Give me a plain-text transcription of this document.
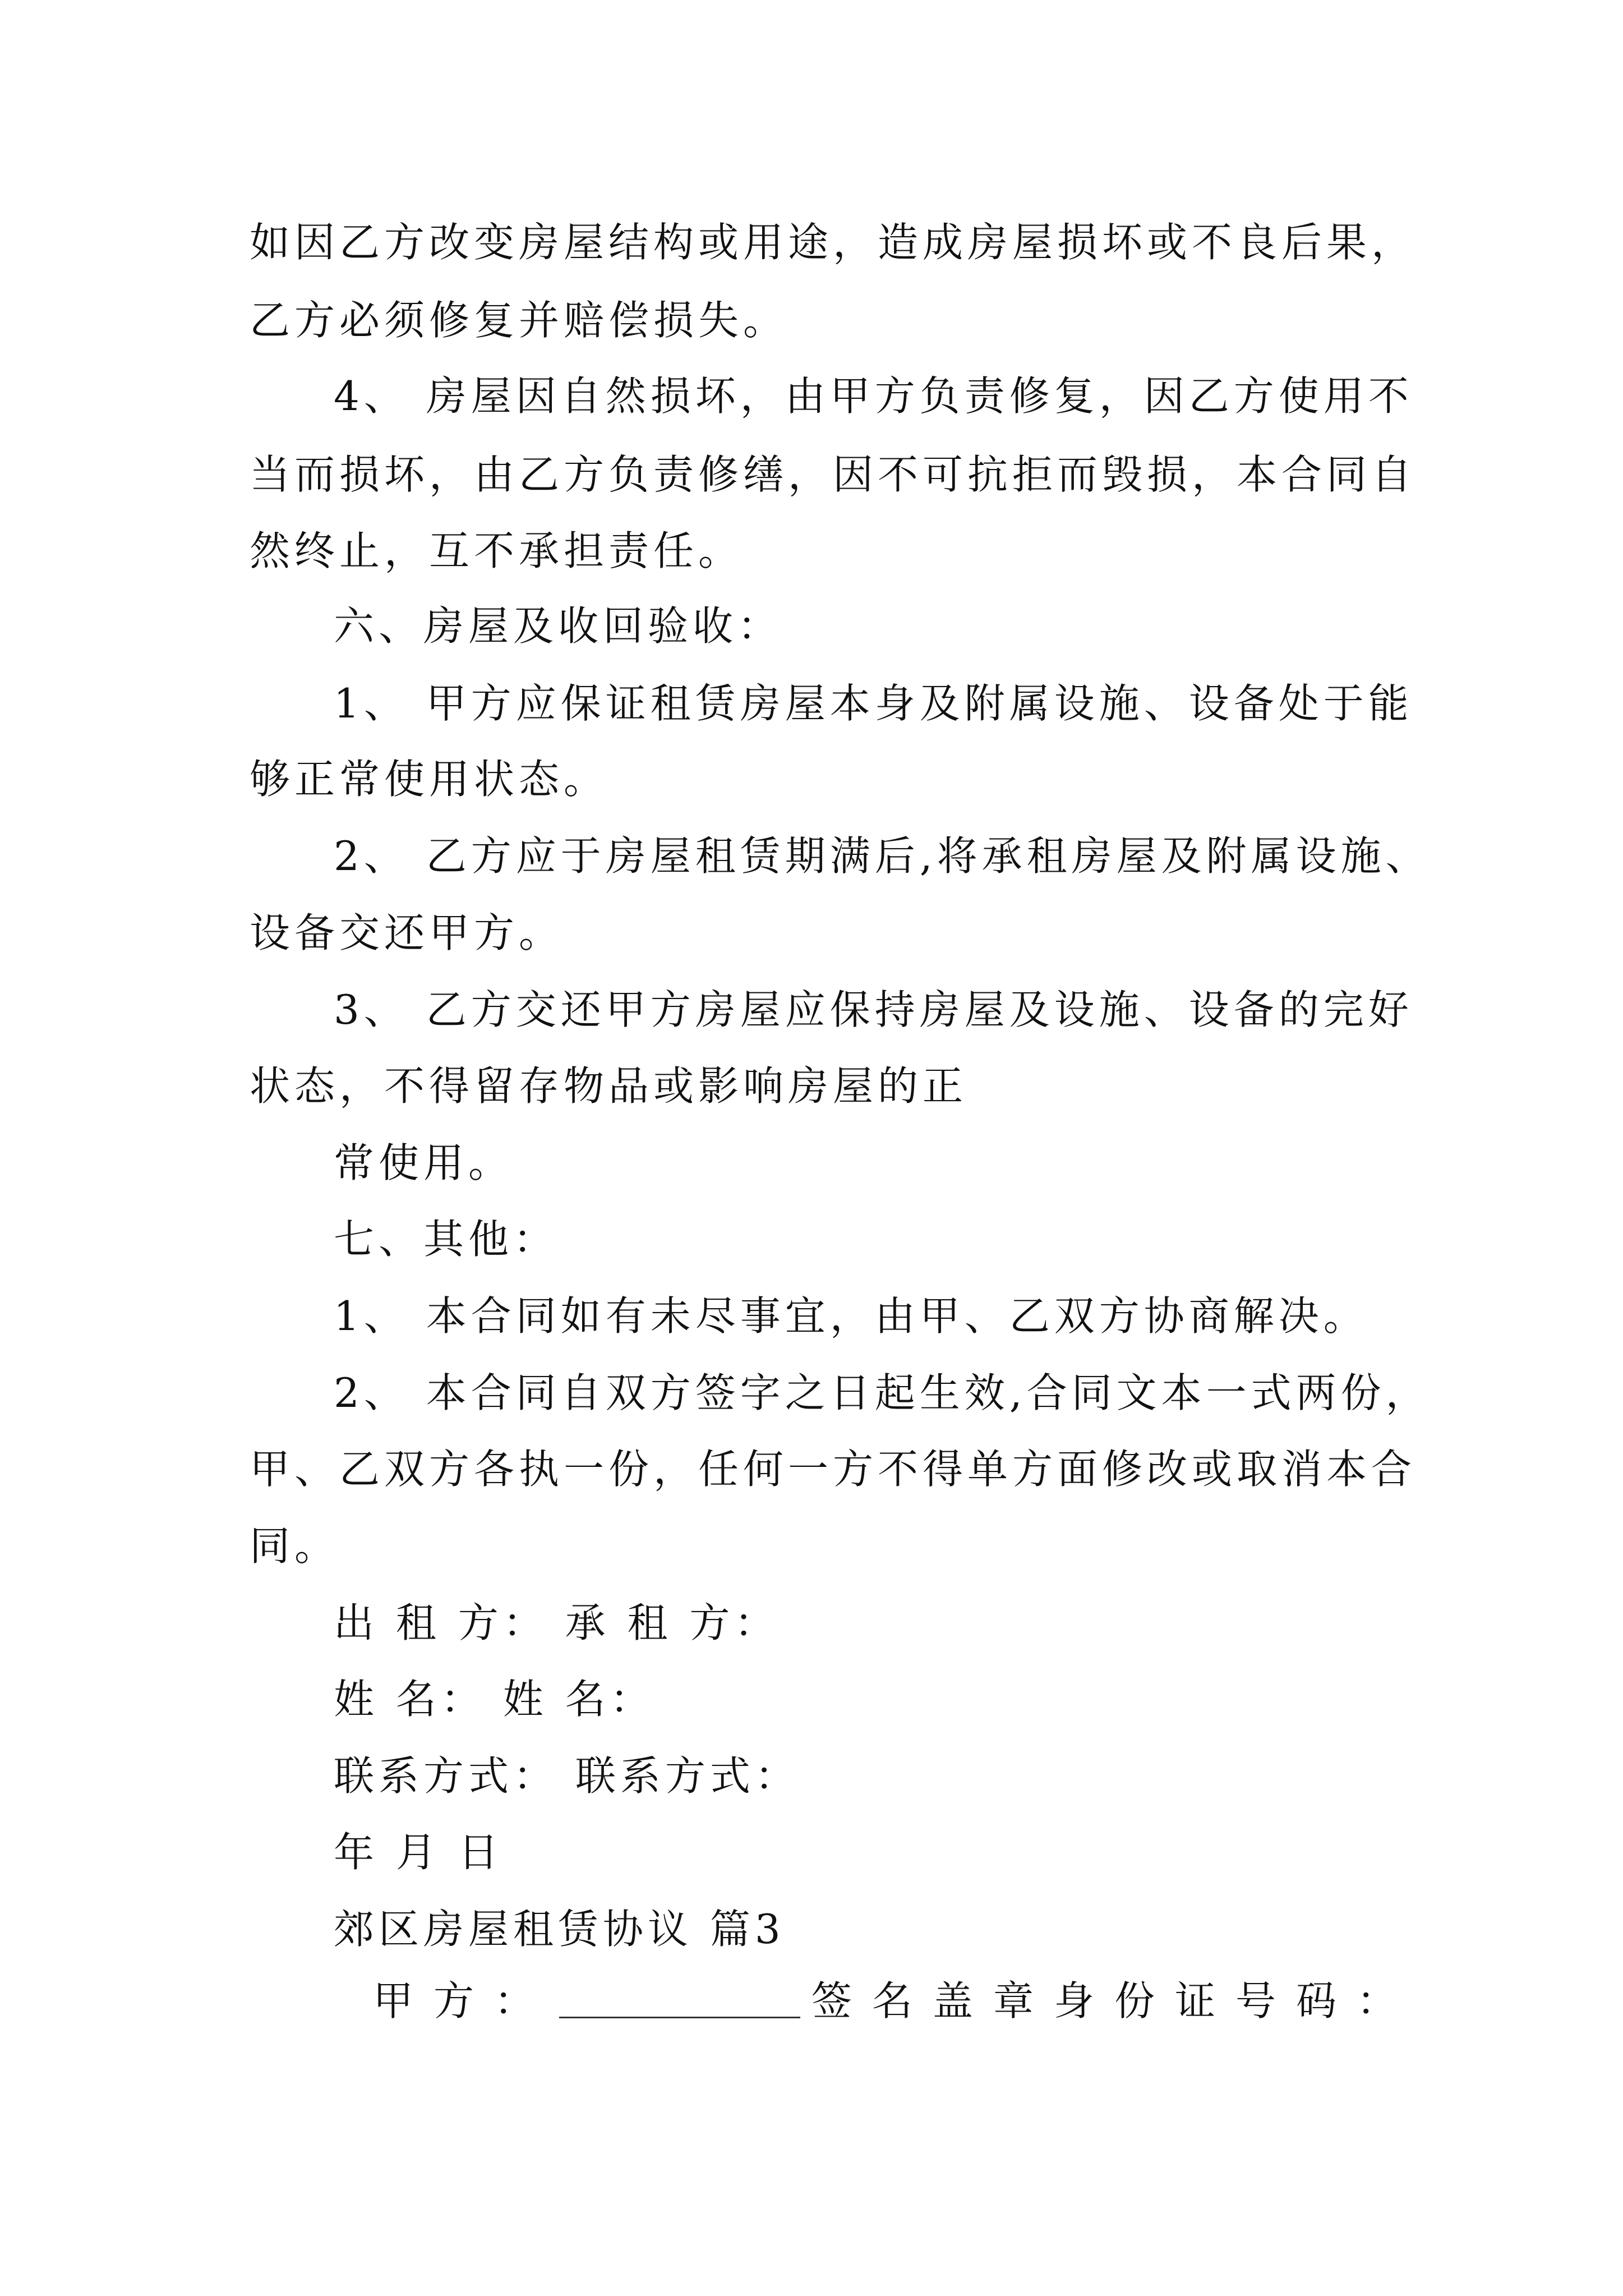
如因乙方改变房屋结构或用途，造成房屋损坏或不良后果，
乙方必须修复并赔偿损失。
4、 房屋因自然损坏，由甲方负责修复，因乙方使用不
当而损坏，由乙方负责修缮，因不可抗拒而毁损，本合同自
然终止，互不承担责任。
六、房屋及收回验收：
1、 甲方应保证租赁房屋本身及附属设施、设备处于能
够正常使用状态。
2、 乙方应于房屋租赁期满后,将承租房屋及附属设施、
设备交还甲方。
3、 乙方交还甲方房屋应保持房屋及设施、设备的完好
状态，不得留存物品或影响房屋的正
常使用。
七、其他：
1、 本合同如有未尽事宜，由甲、乙双方协商解决。
2、 本合同自双方签字之日起生效,合同文本一式两份，
甲、乙双方各执一份，任何一方不得单方面修改或取消本合
同。
出 租 方： 承 租 方：
姓 名： 姓 名：
联系方式： 联系方式：
年 月 日
郊区房屋租赁协议 篇3
甲方：	签名盖章身份证号码：
